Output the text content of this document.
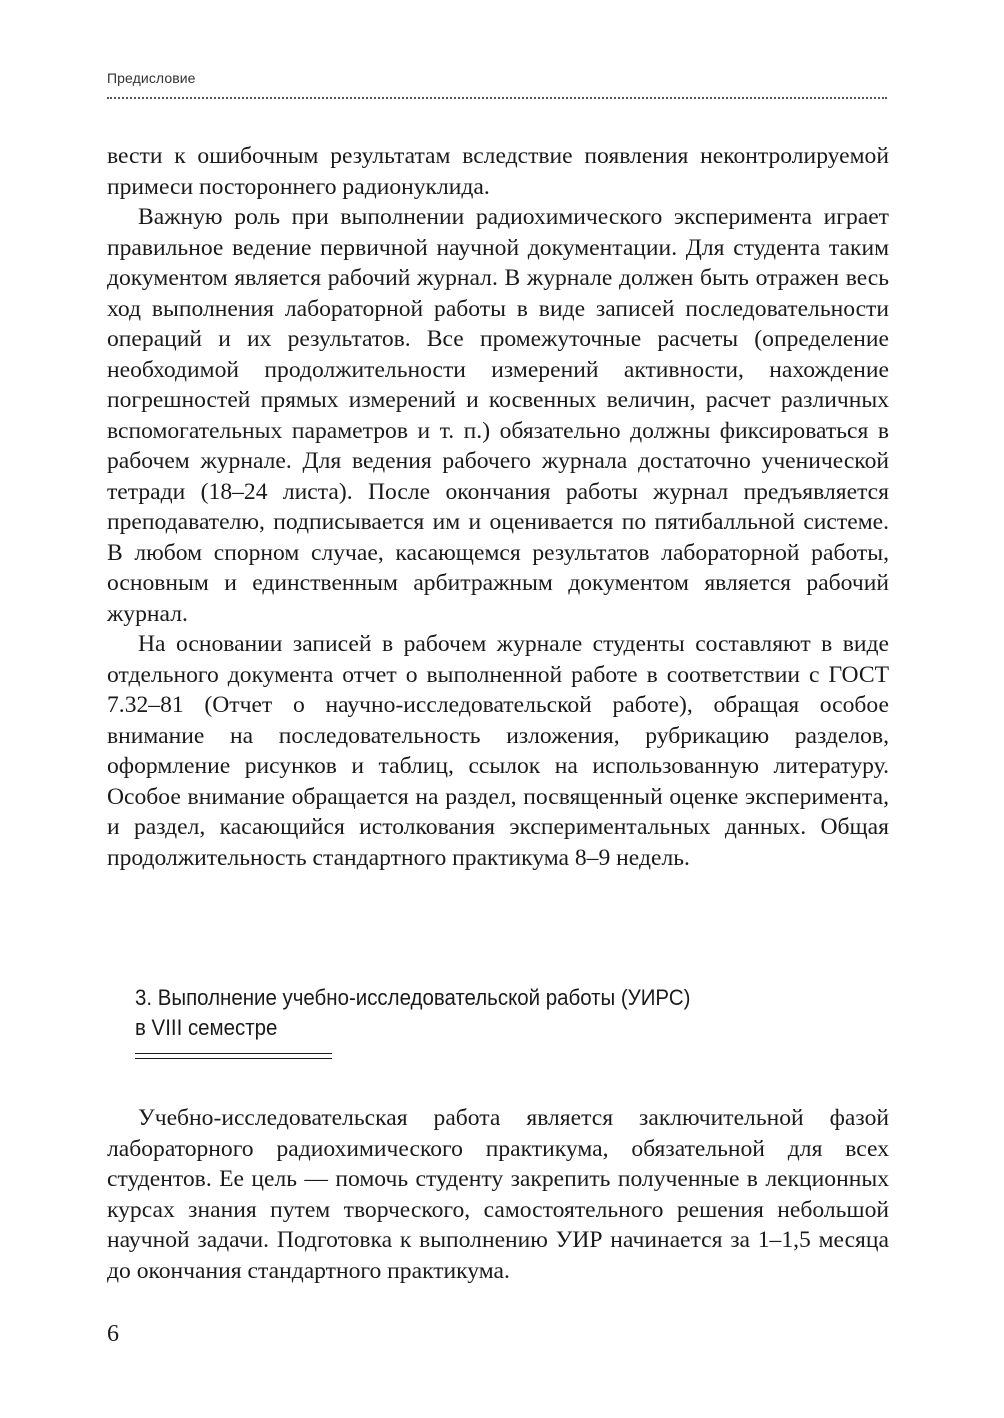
Предисловие

вести к ошибочным результатам вследствие появления неконтролируемой примеси постороннего радионуклида.

Важную роль при выполнении радиохимического эксперимента играет правильное ведение первичной научной документации. Для студента таким документом является рабочий журнал. В журнале должен быть отражен весь ход выполнения лабораторной работы в виде записей последовательности операций и их результатов. Все промежуточные расчеты (определение необходимой продолжительности измерений активности, нахождение погрешностей прямых измерений и косвенных величин, расчет различных вспомогательных параметров и т. п.) обязательно должны фиксироваться в рабочем журнале. Для ведения рабочего журнала достаточно ученической тетради (18–24 листа). После окончания работы журнал предъявляется преподавателю, подписывается им и оценивается по пятибалльной системе. В любом спорном случае, касающемся результатов лабораторной работы, основным и единственным арбитражным документом является рабочий журнал.

На основании записей в рабочем журнале студенты составляют в виде отдельного документа отчет о выполненной работе в соответствии с ГОСТ 7.32–81 (Отчет о научно-исследовательской работе), обращая особое внимание на последовательность изложения, рубрикацию разделов, оформление рисунков и таблиц, ссылок на использованную литературу. Особое внимание обращается на раздел, посвященный оценке эксперимента, и раздел, касающийся истолкования экспериментальных данных. Общая продолжительность стандартного практикума 8–9 недель.

3. Выполнение учебно-исследовательской работы (УИРС)
в VIII семестре

Учебно-исследовательская работа является заключительной фазой лабораторного радиохимического практикума, обязательной для всех студентов. Ее цель — помочь студенту закрепить полученные в лекционных курсах знания путем творческого, самостоятельного решения небольшой научной задачи. Подготовка к выполнению УИР начинается за 1–1,5 месяца до окончания стандартного практикума.

6
